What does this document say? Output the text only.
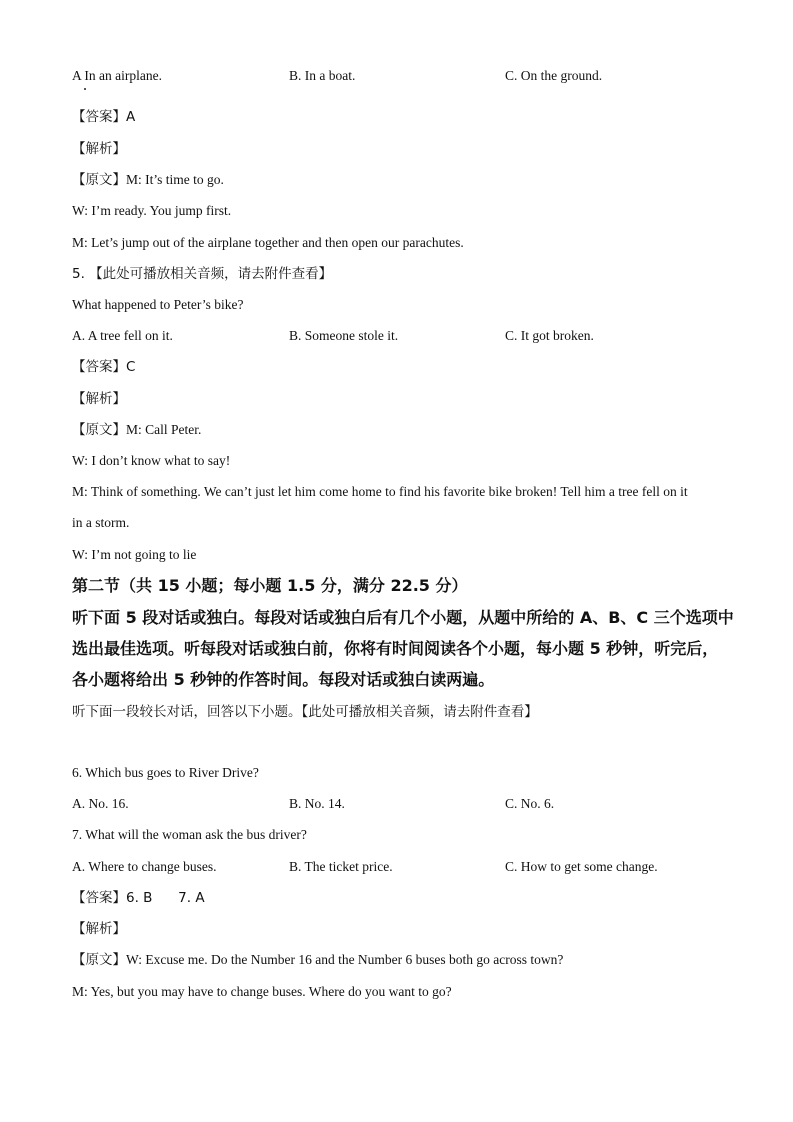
A In an airplane.	B. In a boat.	C. On the ground.
【答案】A
【解析】
【原文】M: It’s time to go.
W: I’m ready. You jump first.
M: Let’s jump out of the airplane together and then open our parachutes.
5. 【此处可播放相关音频，请去附件查看】
What happened to Peter’s bike?
A. A tree fell on it.	B. Someone stole it.	C. It got broken.
【答案】C
【解析】
【原文】M: Call Peter.
W: I don’t know what to say!
M: Think of something. We can’t just let him come home to find his favorite bike broken! Tell him a tree fell on it
in a storm.
W: I’m not going to lie
第二节（共 15 小题；每小题 1.5 分，满分 22.5 分）
听下面 5 段对话或独白。每段对话或独白后有几个小题，从题中所给的 A、B、C 三个选项中
选出最佳选项。听每段对话或独白前，你将有时间阅读各个小题，每小题 5 秒钟，听完后，
各小题将给出 5 秒钟的作答时间。每段对话或独白读两遍。
听下面一段较长对话，回答以下小题。【此处可播放相关音频，请去附件查看】
6. Which bus goes to River Drive?
A. No. 16.	B. No. 14.	C. No. 6.
7. What will the woman ask the bus driver?
A. Where to change buses.	B. The ticket price.	C. How to get some change.
【答案】6. B      7. A
【解析】
【原文】W: Excuse me. Do the Number 16 and the Number 6 buses both go across town?
M: Yes, but you may have to change buses. Where do you want to go?
